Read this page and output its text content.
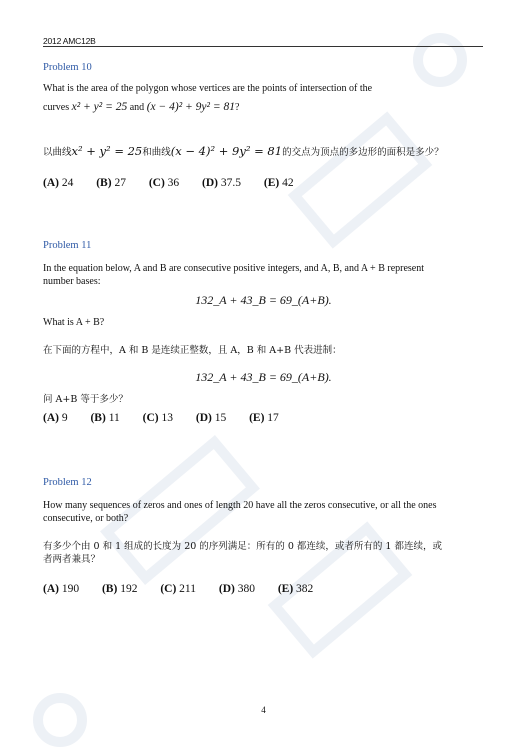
2012 AMC12B
Problem 10
What is the area of the polygon whose vertices are the points of intersection of the
curves x² + y² = 25 and (x − 4)² + 9y² = 81?
以曲线x² + y² = 25和曲线(x − 4)² + 9y² = 81的交点为顶点的多边形的面积是多少？
(A) 24 (B) 27 (C) 36 (D) 37.5 (E) 42
Problem 11
In the equation below, A and B are consecutive positive integers, and A, B, and A + B represent
number bases:
132_A + 43_B = 69_(A+B).
What is A + B?
在下面的方程中，A 和 B 是连续正整数，且 A，B 和 A+B 代表进制：
132_A + 43_B = 69_(A+B).
问 A+B 等于多少？
(A) 9 (B) 11 (C) 13 (D) 15 (E) 17
Problem 12
How many sequences of zeros and ones of length 20 have all the zeros consecutive, or all the ones
consecutive, or both?
有多少个由 0 和 1 组成的长度为 20 的序列满足：所有的 0 都连续，或者所有的 1 都连续，或
者两者兼具？
(A) 190 (B) 192 (C) 211 (D) 380 (E) 382
4
